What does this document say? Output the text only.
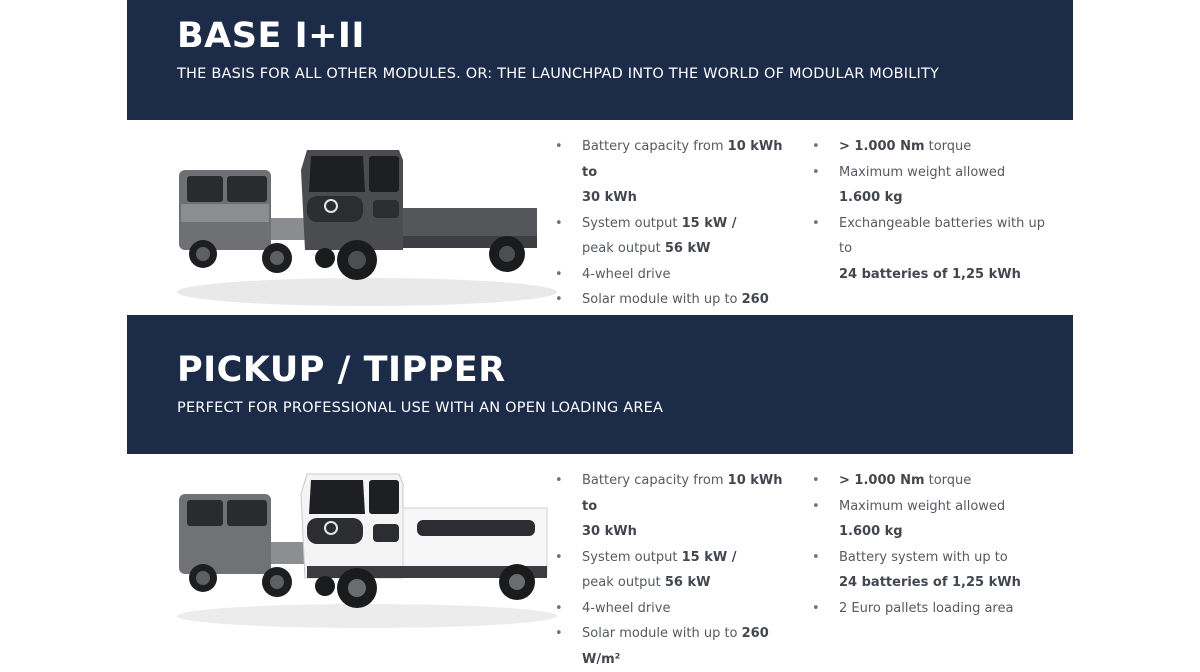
BASE I+II
THE BASIS FOR ALL OTHER MODULES. OR: THE LAUNCHPAD INTO THE WORLD OF MODULAR MOBILITY
• Battery capacity from 10 kWh to
30 kWh
• System output 15 kW /
peak output 56 kW
• 4-wheel drive
• Solar module with up to 260
• > 1.000 Nm torque
• Maximum weight allowed
1.600 kg
• Exchangeable batteries with up to
24 batteries of 1,25 kWh
PICKUP / TIPPER
PERFECT FOR PROFESSIONAL USE WITH AN OPEN LOADING AREA
• Battery capacity from 10 kWh to
30 kWh
• System output 15 kW /
peak output 56 kW
• 4-wheel drive
• Solar module with up to 260 W/m²
• > 1.000 Nm torque
• Maximum weight allowed
1.600 kg
• Battery system with up to
24 batteries of 1,25 kWh
• 2 Euro pallets loading area
